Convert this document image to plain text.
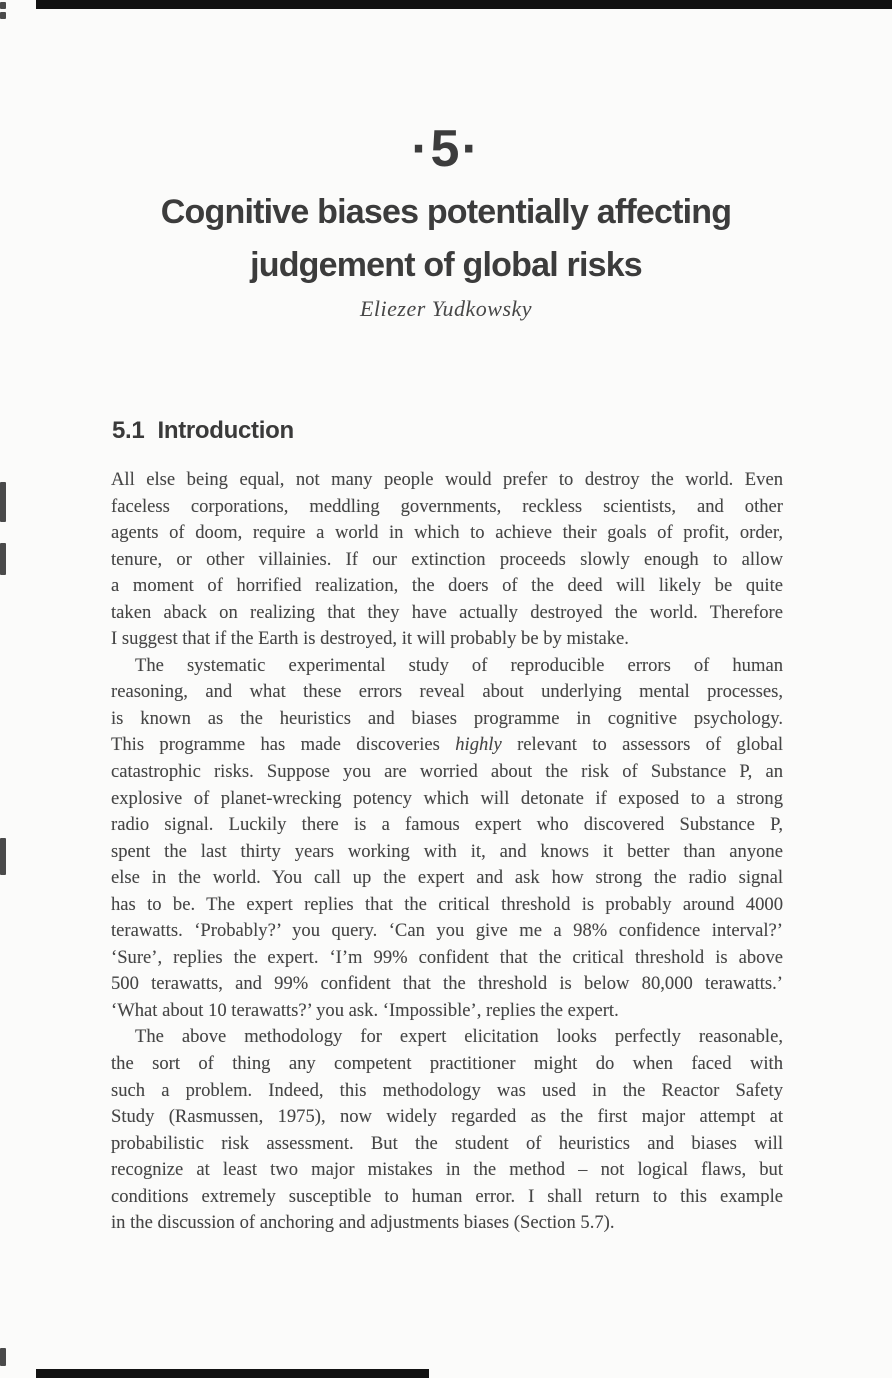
·5·
Cognitive biases potentially affecting
judgement of global risks
Eliezer Yudkowsky
5.1 Introduction
All else being equal, not many people would prefer to destroy the world. Even
faceless corporations, meddling governments, reckless scientists, and other
agents of doom, require a world in which to achieve their goals of profit, order,
tenure, or other villainies. If our extinction proceeds slowly enough to allow
a moment of horrified realization, the doers of the deed will likely be quite
taken aback on realizing that they have actually destroyed the world. Therefore
I suggest that if the Earth is destroyed, it will probably be by mistake.
The systematic experimental study of reproducible errors of human
reasoning, and what these errors reveal about underlying mental processes,
is known as the heuristics and biases programme in cognitive psychology.
This programme has made discoveries highly relevant to assessors of global
catastrophic risks. Suppose you are worried about the risk of Substance P, an
explosive of planet-wrecking potency which will detonate if exposed to a strong
radio signal. Luckily there is a famous expert who discovered Substance P,
spent the last thirty years working with it, and knows it better than anyone
else in the world. You call up the expert and ask how strong the radio signal
has to be. The expert replies that the critical threshold is probably around 4000
terawatts. ‘Probably?’ you query. ‘Can you give me a 98% confidence interval?’
‘Sure’, replies the expert. ‘I’m 99% confident that the critical threshold is above
500 terawatts, and 99% confident that the threshold is below 80,000 terawatts.’
‘What about 10 terawatts?’ you ask. ‘Impossible’, replies the expert.
The above methodology for expert elicitation looks perfectly reasonable,
the sort of thing any competent practitioner might do when faced with
such a problem. Indeed, this methodology was used in the Reactor Safety
Study (Rasmussen, 1975), now widely regarded as the first major attempt at
probabilistic risk assessment. But the student of heuristics and biases will
recognize at least two major mistakes in the method – not logical flaws, but
conditions extremely susceptible to human error. I shall return to this example
in the discussion of anchoring and adjustments biases (Section 5.7).
